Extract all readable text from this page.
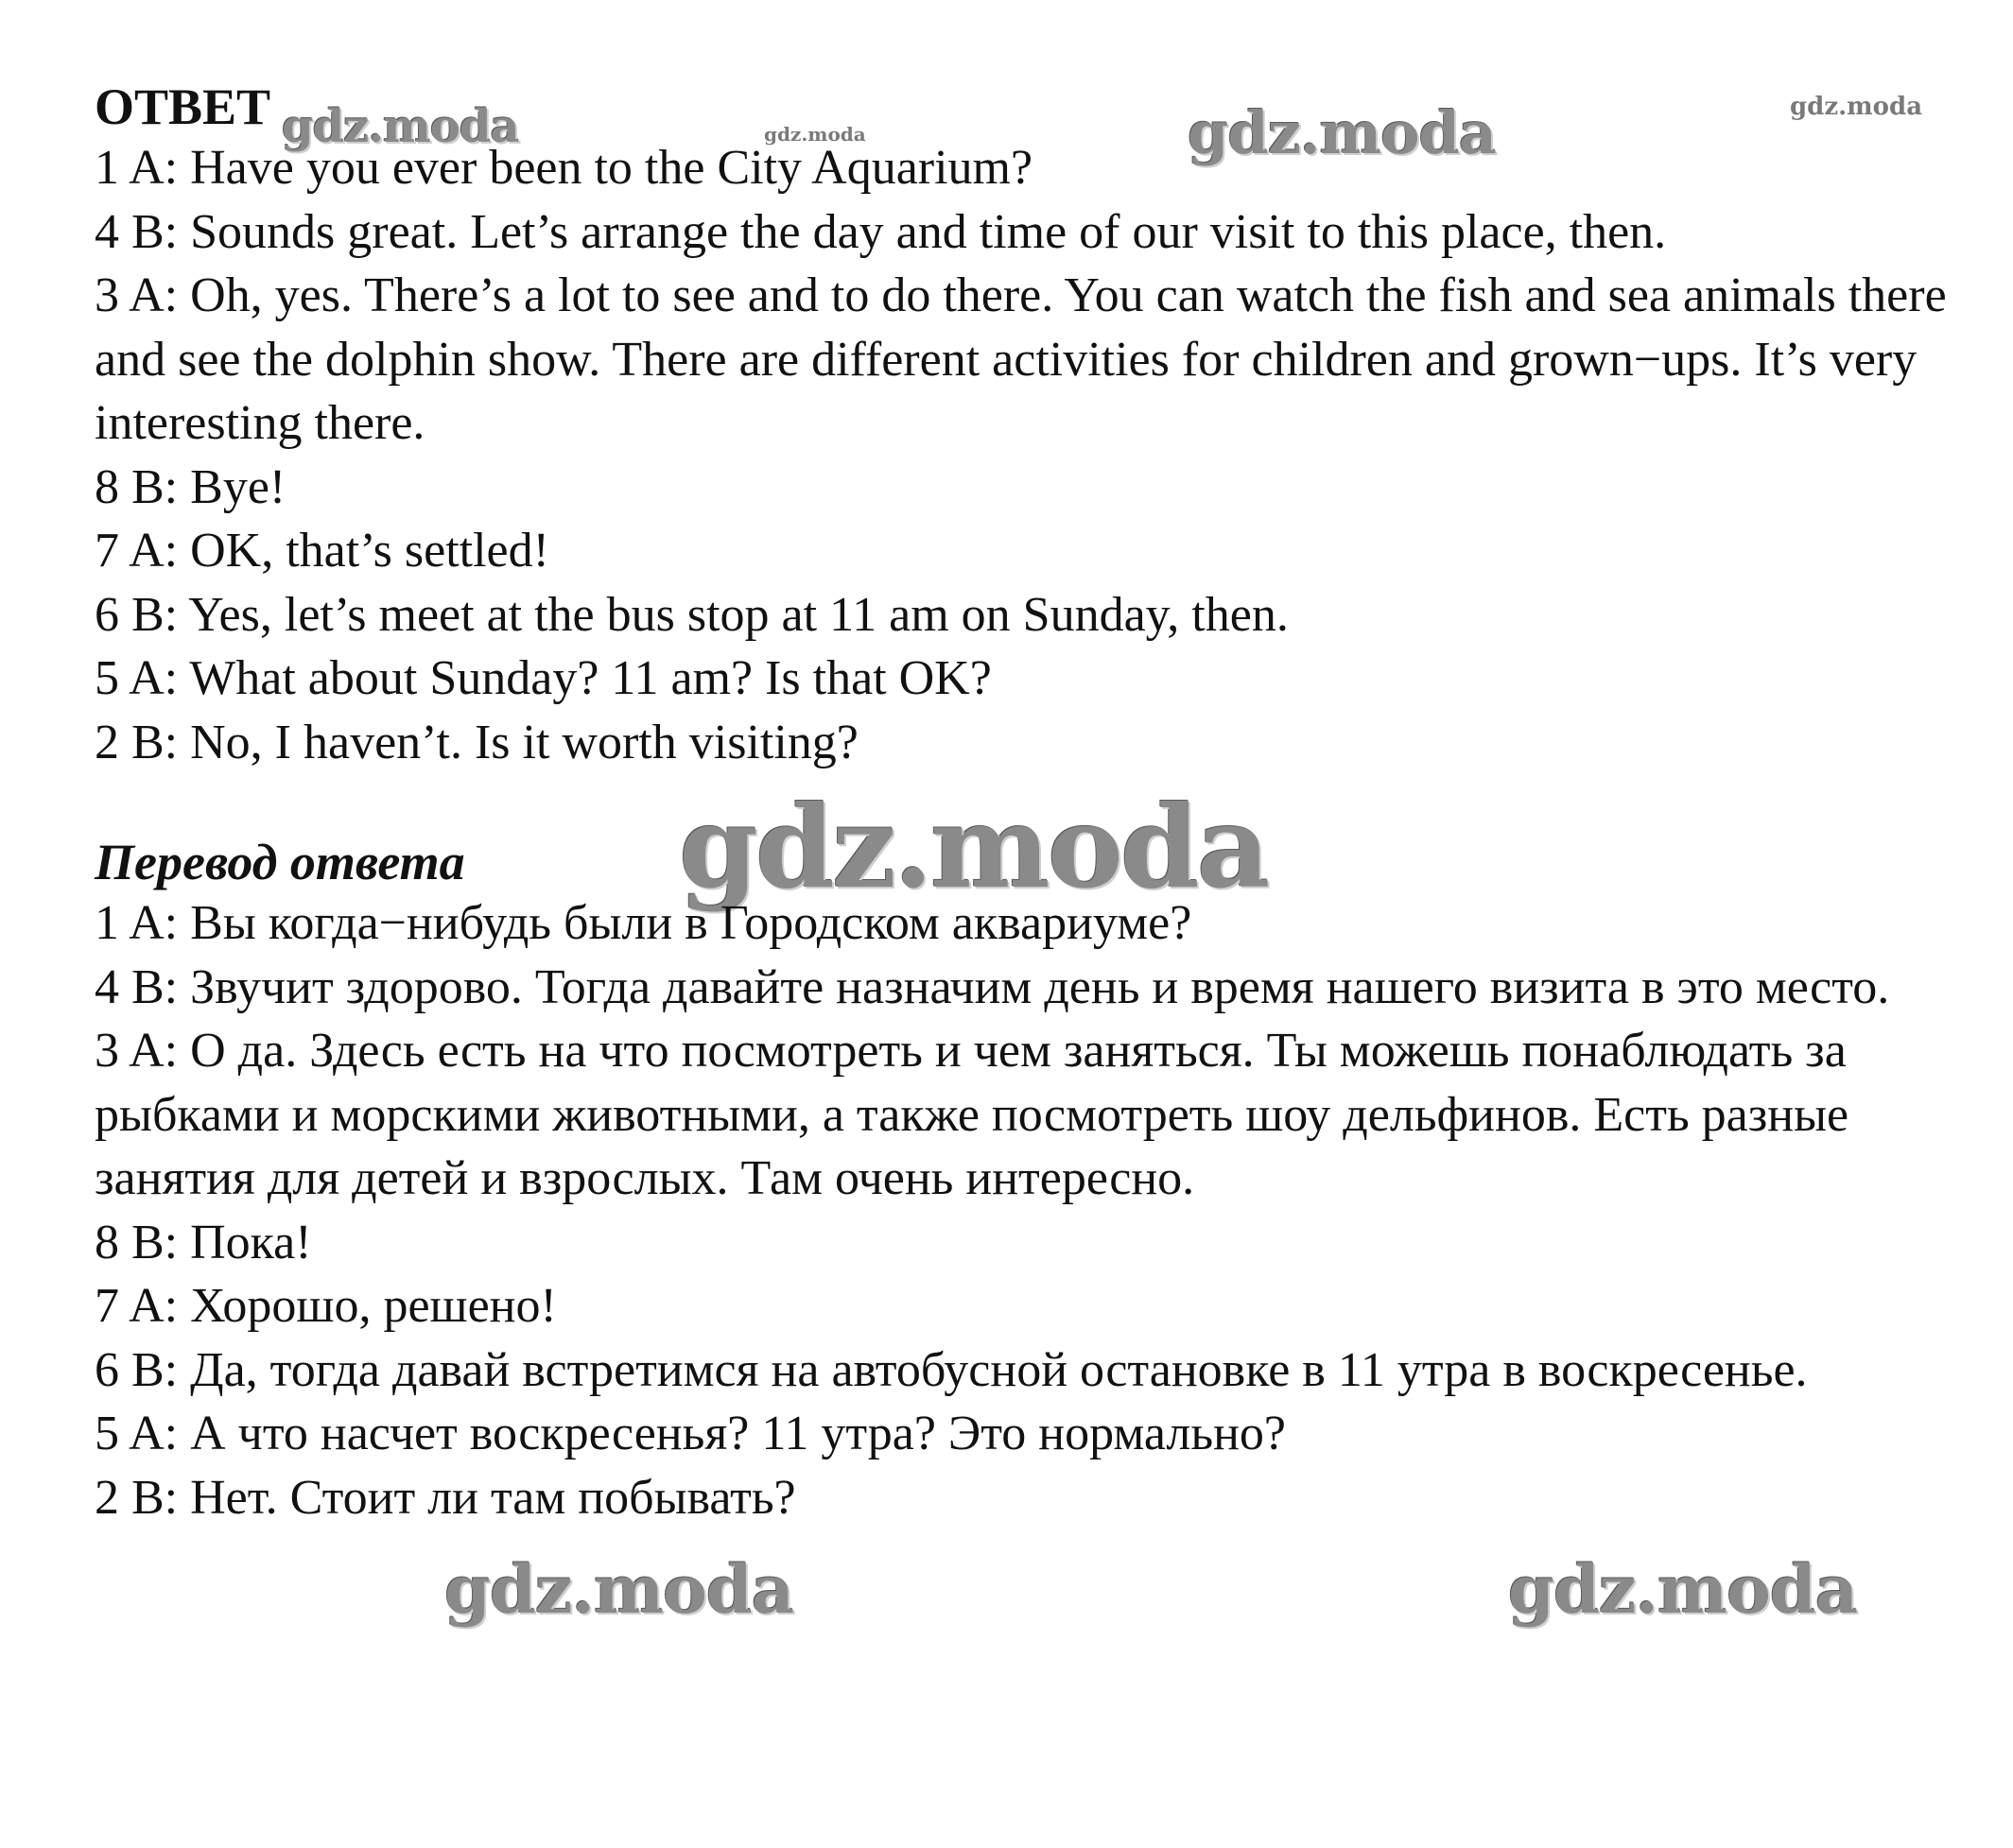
gdz.moda	gdz.moda	gdz.moda	gdz.moda
gdz.moda
gdz.moda	gdz.moda

ОТВЕТ

1 A: Have you ever been to the City Aquarium?

4 B: Sounds great. Let’s arrange the day and time of our visit to this place, then.

3 A: Oh, yes. There’s a lot to see and to do there. You can watch the fish and sea animals there and see the dolphin show. There are different activities for children and grown−ups. It’s very interesting there.

8 B: Bye!

7 A: OK, that’s settled!

6 B: Yes, let’s meet at the bus stop at 11 am on Sunday, then.

5 A: What about Sunday? 11 am? Is that OK?

2 B: No, I haven’t. Is it worth visiting?

Перевод ответа

1 A: Вы когда−нибудь были в Городском аквариуме?

4 B: Звучит здорово. Тогда давайте назначим день и время нашего визита в это место.

3 A: О да. Здесь есть на что посмотреть и чем заняться. Ты можешь понаблюдать за рыбками и морскими животными, а также посмотреть шоу дельфинов. Есть разные занятия для детей и взрослых. Там очень интересно.

8 B: Пока!

7 A: Хорошо, решено!

6 B: Да, тогда давай встретимся на автобусной остановке в 11 утра в воскресенье.

5 A: А что насчет воскресенья? 11 утра? Это нормально?

2 B: Нет. Стоит ли там побывать?
